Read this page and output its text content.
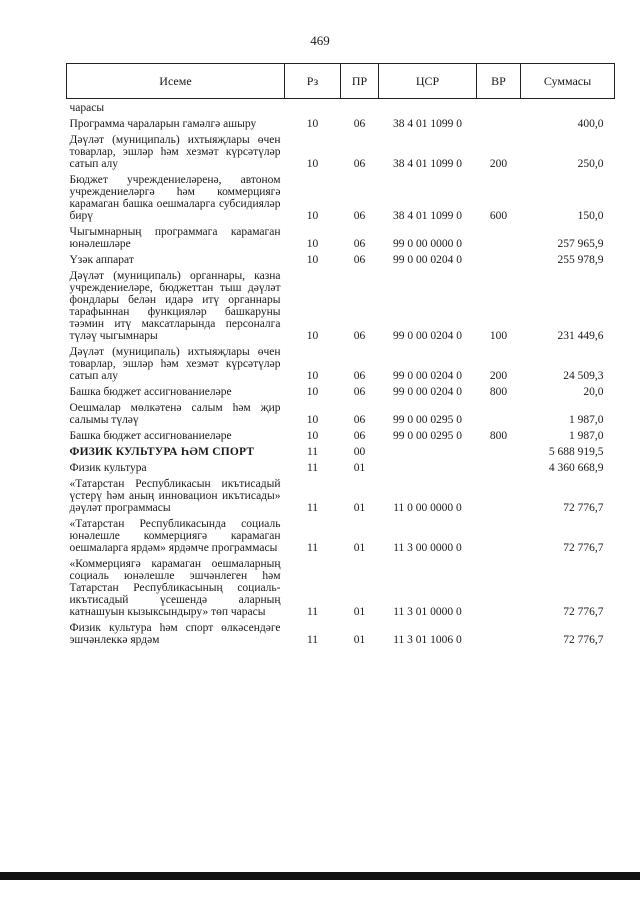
469
Исеме	Рз	ПР	ЦСР	ВР	Суммасы
чарасы					
Программа чараларын гамәлгә ашыру	10	06	38 4 01 1099 0		400,0
Дәүләт (муниципаль) ихтыяҗлары өчен товарлар, эшләр һәм хезмәт күрсәтүләр сатып алу	10	06	38 4 01 1099 0	200	250,0
Бюджет учреждениеләренә, автоном учреждениеләргә һәм коммерциягә карамаган башка оешмаларга субсидияләр бирү	10	06	38 4 01 1099 0	600	150,0
Чыгымнарның программага карамаган юнәлешләре	10	06	99 0 00 0000 0		257 965,9
Үзәк аппарат	10	06	99 0 00 0204 0		255 978,9
Дәүләт (муниципаль) органнары, казна учреждениеләре, бюджеттан тыш дәүләт фондлары белән идарә итү органнары тарафыннан функцияләр башкаруны тәэмин итү максатларында персоналга түләү чыгымнары	10	06	99 0 00 0204 0	100	231 449,6
Дәүләт (муниципаль) ихтыяҗлары өчен товарлар, эшләр һәм хезмәт күрсәтүләр сатып алу	10	06	99 0 00 0204 0	200	24 509,3
Башка бюджет ассигнованиеләре	10	06	99 0 00 0204 0	800	20,0
Оешмалар мөлкәтенә салым һәм җир салымы түләү	10	06	99 0 00 0295 0		1 987,0
Башка бюджет ассигнованиеләре	10	06	99 0 00 0295 0	800	1 987,0
ФИЗИК КУЛЬТУРА ҺӘМ СПОРТ	11	00			5 688 919,5
Физик культура	11	01			4 360 668,9
«Татарстан Республикасын икътисадый үстерү һәм аның инновацион икътисады» дәүләт программасы	11	01	11 0 00 0000 0		72 776,7
«Татарстан Республикасында социаль юнәлешле коммерциягә карамаган оешмаларга ярдәм» ярдәмче программасы	11	01	11 3 00 0000 0		72 776,7
«Коммерциягә карамаган оешмаларның социаль юнәлешле эшчәнлеген һәм Татарстан Республикасының социаль-икътисадый үсешендә аларның катнашуын кызыксындыру» төп чарасы	11	01	11 3 01 0000 0		72 776,7
Физик культура һәм спорт өлкәсендәге эшчәнлеккә ярдәм	11	01	11 3 01 1006 0		72 776,7
